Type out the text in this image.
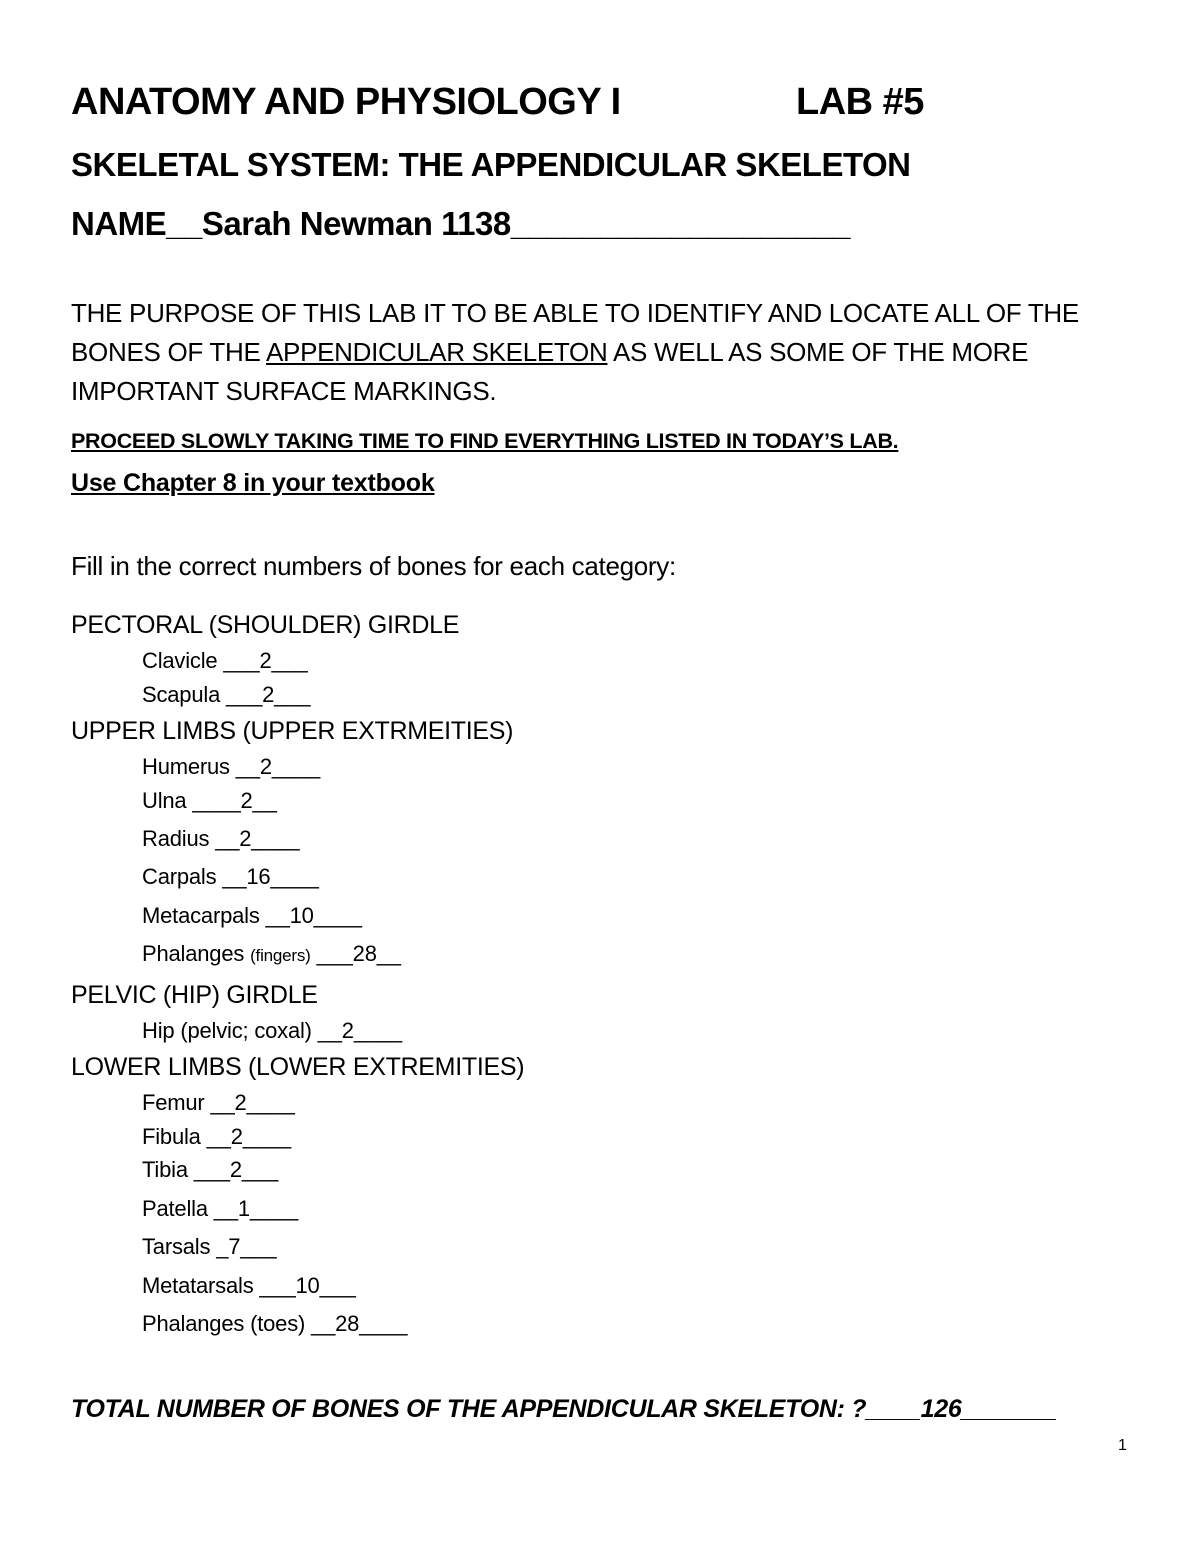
ANATOMY AND PHYSIOLOGY I	LAB #5
SKELETAL SYSTEM: THE APPENDICULAR SKELETON
NAME__Sarah Newman 1138___________________
THE PURPOSE OF THIS LAB IT TO BE ABLE TO IDENTIFY AND LOCATE ALL OF THE
BONES OF THE APPENDICULAR SKELETON AS WELL AS SOME OF THE MORE
IMPORTANT SURFACE MARKINGS.
PROCEED SLOWLY TAKING TIME TO FIND EVERYTHING LISTED IN TODAY’S LAB.
Use Chapter 8 in your textbook
Fill in the correct numbers of bones for each category:
PECTORAL (SHOULDER) GIRDLE
Clavicle ___2___
Scapula ___2___
UPPER LIMBS (UPPER EXTRMEITIES)
Humerus __2____
Ulna ____2__
Radius __2____
Carpals __16____
Metacarpals __10____
Phalanges (fingers) ___28__
PELVIC (HIP) GIRDLE
Hip (pelvic; coxal) __2____
LOWER LIMBS (LOWER EXTREMITIES)
Femur __2____
Fibula __2____
Tibia ___2___
Patella __1____
Tarsals _7___
Metatarsals ___10___
Phalanges (toes) __28____
TOTAL NUMBER OF BONES OF THE APPENDICULAR SKELETON: ?____126_______
1
